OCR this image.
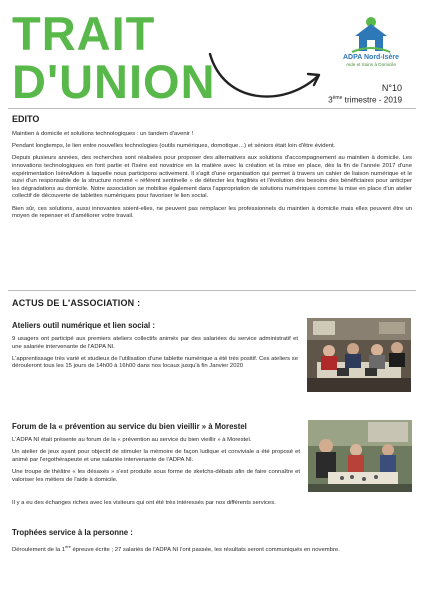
TRAIT
D'UNION	ADPA Nord-Isère
Aide et Soins à Domicile
N°10
3ème trimestre - 2019
EDITO

Maintien à domicile et solutions technologiques : un tandem d'avenir !

Pendant longtemps, le lien entre nouvelles technologies (outils numériques, domotique…) et séniors était loin d'être évident.

Depuis plusieurs années, des recherches sont réalisées pour proposer des alternatives aux solutions d'accompagnement au maintien à domicile. Les innovations technologiques en font partie et l'Isère est novatrice en la matière avec la création et la mise en place, dès la fin de l'année 2017 d'une expérimentation IsèreAdom à laquelle nous participons activement. Il s'agit d'une organisation qui permet à travers un cahier de liaison numérique et le suivi d'un responsable de la structure nommé « référent sentinelle » de détecter les fragilités et l'évolution des besoins des bénéficiaires pour anticiper les dégradations au domicile. Notre association se mobilise également dans l'appropriation de solutions numériques comme la mise en place d'un atelier collectif de découverte de tablettes numériques pour favoriser le lien social.

Bien sûr, ces solutions, aussi innovantes soient-elles, ne peuvent pas remplacer les professionnels du maintien à domicile mais elles peuvent être un moyen de repenser et d'améliorer votre travail.

ACTUS DE L'ASSOCIATION :
Ateliers outil numérique et lien social :

9 usagers ont participé aux premiers ateliers collectifs animés par des salariées du service administratif et une salariée intervenante de l'ADPA NI.

L'apprentissage très varié et studieux de l'utilisation d'une tablette numérique a été très positif. Ces ateliers se dérouleront tous les 15 jours de 14h00 à 16h00 dans nos locaux jusqu'à fin Janvier 2020

Forum de la « prévention au service du bien vieillir » à Morestel

L'ADPA NI était présente au forum de la « prévention au service du bien vieillir » à Morestel.

Un atelier de jeux ayant pour objectif de stimuler la mémoire de façon ludique et conviviale a été proposé et animé par l'ergothérapeute et une salariée intervenante de l'ADPA NI.

Une troupe de théâtre « les désaxés » s'est produite sous forme de sketchs-débats afin de faire connaître et valoriser les métiers de l'aide à domicile.

Il y a eu des échanges riches avec les visiteurs qui ont été très intéressés par nos différents services.

Trophées service à la personne :

Déroulement de la 1ère épreuve écrite ; 27 salariés de l'ADPA NI l'ont passée, les résultats seront communiqués en novembre.
